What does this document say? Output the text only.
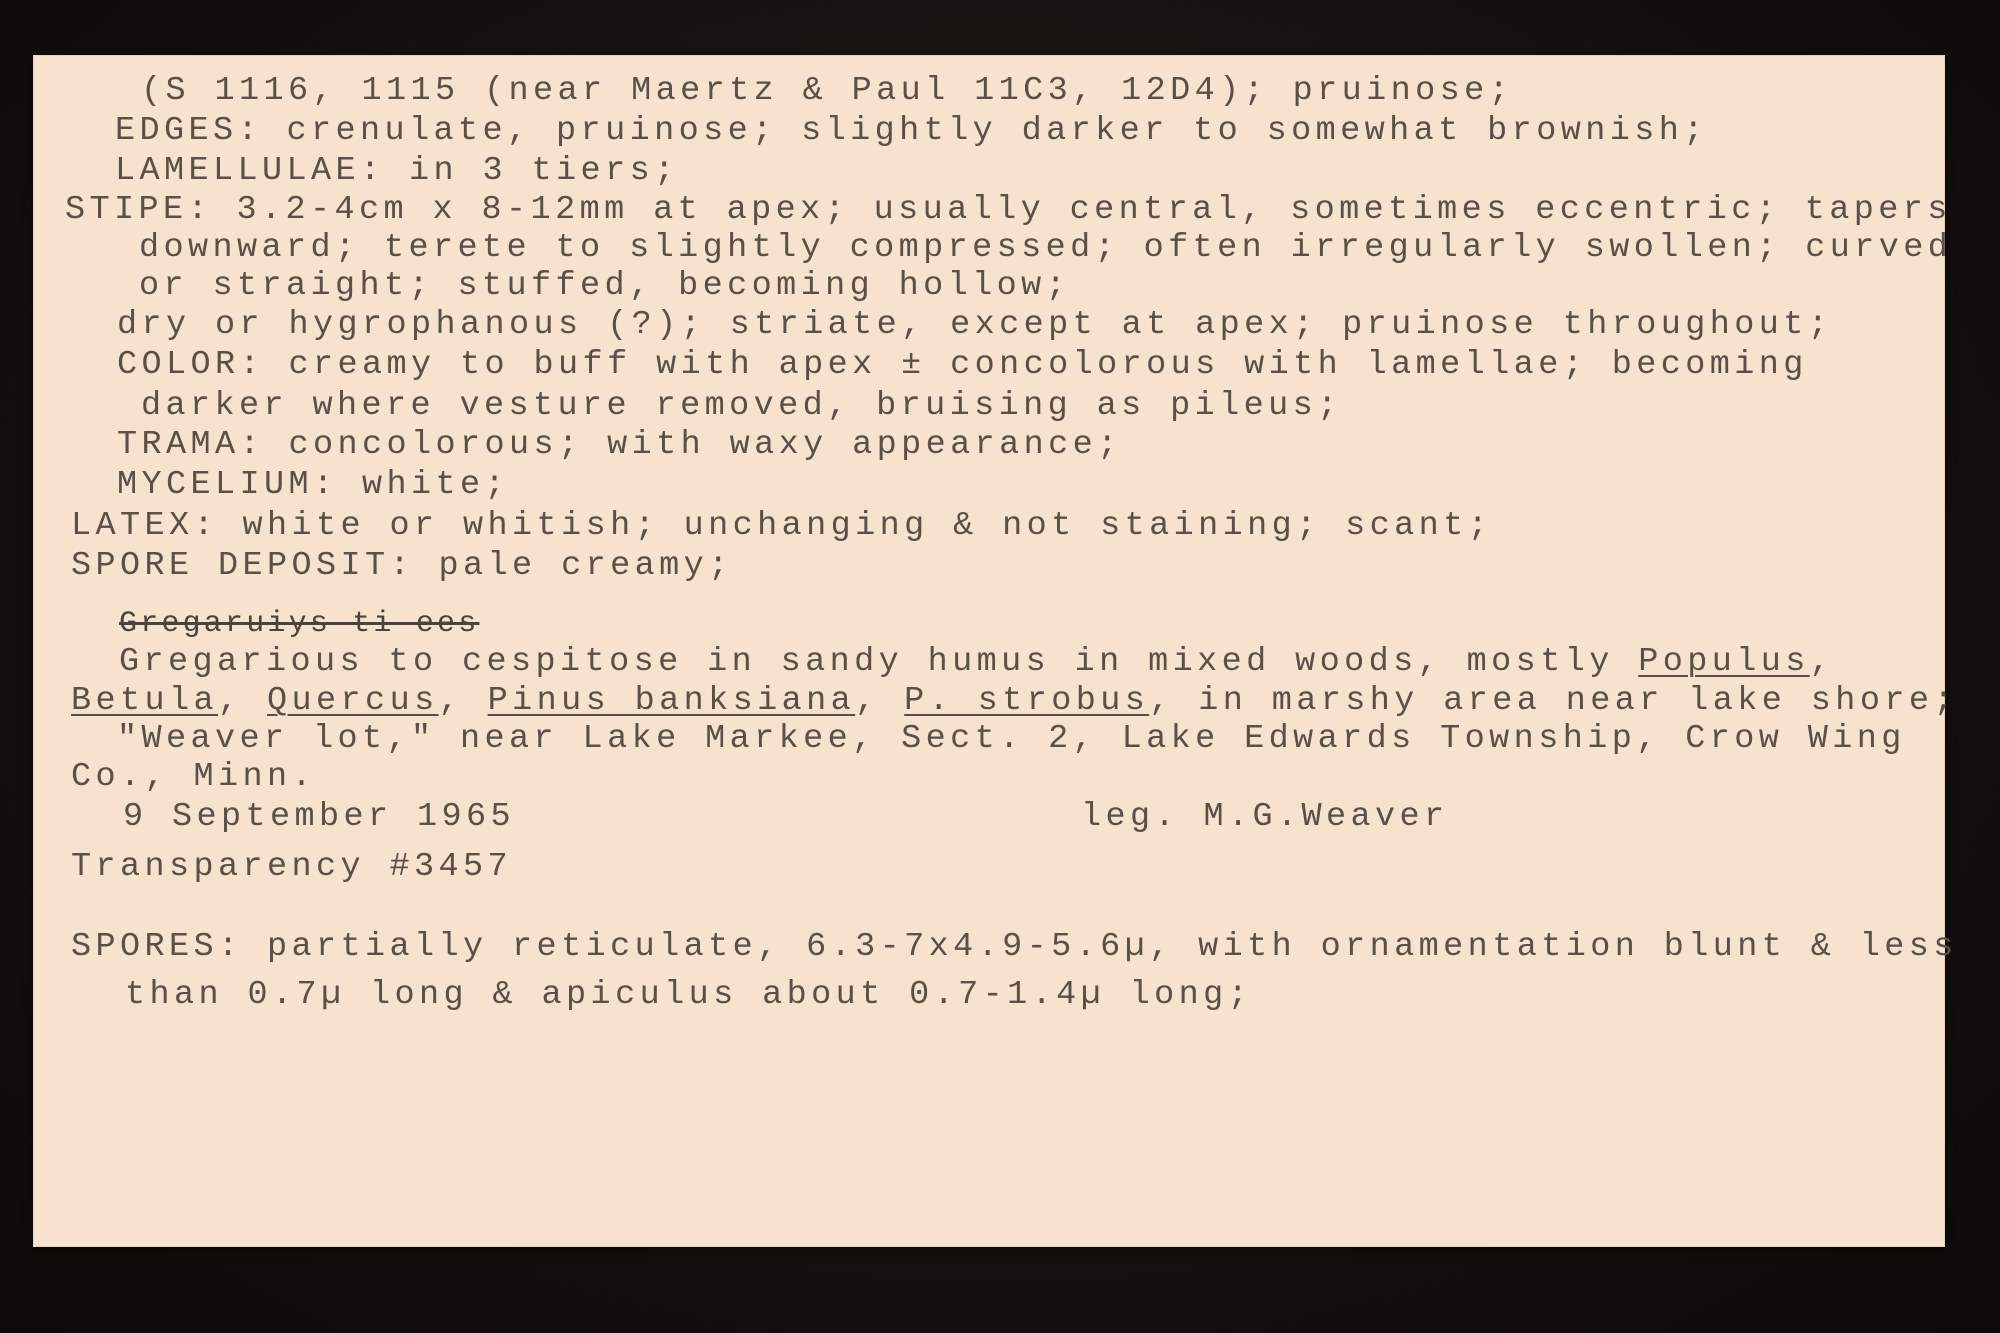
(S 1116, 1115 (near Maertz & Paul 11C3, 12D4); pruinose;
EDGES: crenulate, pruinose; slightly darker to somewhat brownish;
LAMELLULAE: in 3 tiers;
STIPE: 3.2-4cm x 8-12mm at apex; usually central, sometimes eccentric; tapers
downward; terete to slightly compressed; often irregularly swollen; curved
or straight; stuffed, becoming hollow;
dry or hygrophanous (?); striate, except at apex; pruinose throughout;
COLOR: creamy to buff with apex ± concolorous with lamellae; becoming
darker where vesture removed, bruising as pileus;
TRAMA: concolorous; with waxy appearance;
MYCELIUM: white;
LATEX: white or whitish; unchanging & not staining; scant;
SPORE DEPOSIT: pale creamy;
Gregaruiys-ti-ees
Gregarious to cespitose in sandy humus in mixed woods, mostly Populus,
Betula, Quercus, Pinus banksiana, P. strobus, in marshy area near lake shore;
"Weaver lot," near Lake Markee, Sect. 2, Lake Edwards Township, Crow Wing
Co., Minn.
9 September 1965	leg. M.G.Weaver
Transparency #3457
SPORES: partially reticulate, 6.3-7x4.9-5.6µ, with ornamentation blunt & less
than 0.7µ long & apiculus about 0.7-1.4µ long;
